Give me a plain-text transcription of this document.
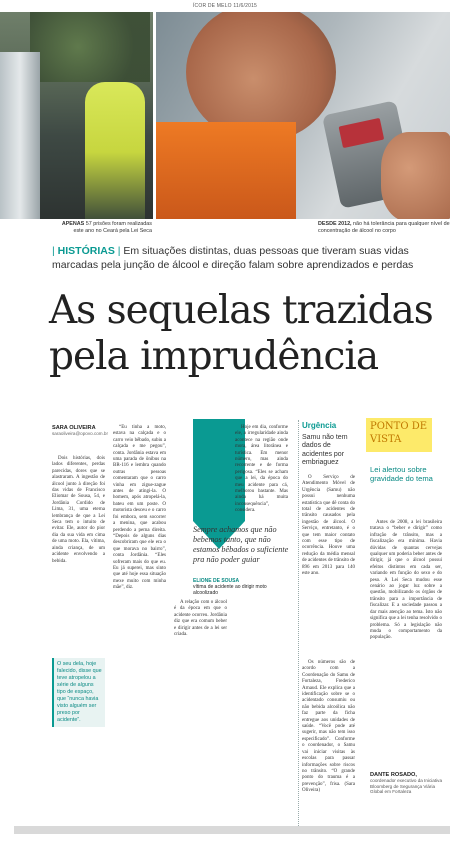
ÍCOR DE MELO 11/6/2015
APENAS 57 prisões foram realizadas este ano no Ceará pela Lei Seca
DESDE 2012, não há tolerância para qualquer nível de concentração de álcool no corpo
| HISTÓRIAS | Em situações distintas, duas pessoas que tiveram suas vidas marcadas pela junção de álcool e direção falam sobre aprendizados e perdas
As sequelas trazidas pela imprudência
SARA OLIVEIRA
saraoliveira@opovo.com.br

Dois histórias, dois lados diferentes, perdas parecidas, dores que se alastraram. A ingestão de álcool junto à direção foi das vidas de Francisco Eliomar de Sousa, 54, e Jordânia Cordido de Lima, 31, uma eterna lembrança de que a Lei Seca tem o intuito de evitar. Ele, autor do pior dia da sua vida em cima de uma moto. Ela, vítima, ainda criança, de um acidente envolvendo a bebida.

O seu dela, hoje falecido, disse que teve atropelou a série de alguns tipo de espaço, que “nunca havia visto alguém ser preso por acidente”.

“Eu tinha a moto, estava na calçada e o carro veio bêbado, subiu a calçada e me pegou”, conta. Jordânia estava em uma parada de ônibus na BR-116 e lembra quando outras pessoas comentaram que o carro vinha em zigue-zague antes de atingi-la. O homem, após atropelá-la, bateu em um poste. O motorista desceu e o carro foi embora, sem socorrer a menina, que acabou perdendo a perna direita. “Depois de alguns dias descobriram que ele era o que morava no bairro”, conta Jordânia. “Eles sofreram mais do que eu. Eu já superei, mas sinto que até hoje essa situação mexe muito com minha mãe”, diz.

Sempre achamos que não bebemos tanto, que não estamos bêbados o suficiente pra não poder guiar
ELIONE DE SOUSA
vítima de acidente ao dirigir moto alcoolizado

A relação com o álcool é da época em que o acidente ocorreu. Jordânia diz que era comum beber e dirigir antes de a lei ser criada.

Hoje em dia, conforme ele, a irregularidade ainda acontece na região onde mora, área litorânea e turística. Em menor número, mas ainda recorrente e de forma perigosa. “Eles se acham que a lei, da época do meu acidente para cá, melhorou bastante. Mas ainda há muita inconsequência”, considera.

Urgência
Samu não tem dados de acidentes por embriaguez

O Serviço de Atendimento Móvel de Urgência (Samu) não possui nenhuma estatística que dê conta do total de acidentes de trânsito causados pela ingestão de álcool. O Serviço, entretanto, é o que tem maior contato com esse tipo de ocorrência. Houve uma redução da média mensal de acidentes de trânsito de 896 em 2013 para 140 este ano.

Os números são de acordo com a Coordenação do Samu de Fortaleza, Frederico Arnaud. Ele explica que a identificação sobre se o acidentado consumiu ou não bebida alcoólica não faz parte da ficha entregue aos unidades de saúde. “Você pode até sugerir, mas não tem isso especificado”. Conforme o coordenador, o Samu vai iniciar visitas às escolas para passar informações sobre riscos no trânsito. “O grande ponto do trauma é a prevenção”, frisa. (Sara Oliveira)

PONTO DE VISTA
Lei alertou sobre gravidade do tema

Antes de 2008, a lei brasileira tratava o “beber e dirigir” como infração de trânsito, mas a fiscalização era mínima. Havia dúvidas de quantas cervejas qualquer um poderia beber antes de dirigir, já que o álcool possui efeitos distintos em cada ser, variando em função do sexo e do peso. A Lei Seca mudou esse cenário ao jogar luz sobre a questão, mobilizando os órgãos de trânsito para a importância de fiscalizar. E a sociedade passou a dar mais atenção ao tema. Isto não significa que a lei tenha resolvido o problema. Só a legislação não muda o comportamento da população.

DANTE ROSADO,
coordenador executivo da Iniciativa Bloomberg de Segurança Viária Global em Fortaleza
